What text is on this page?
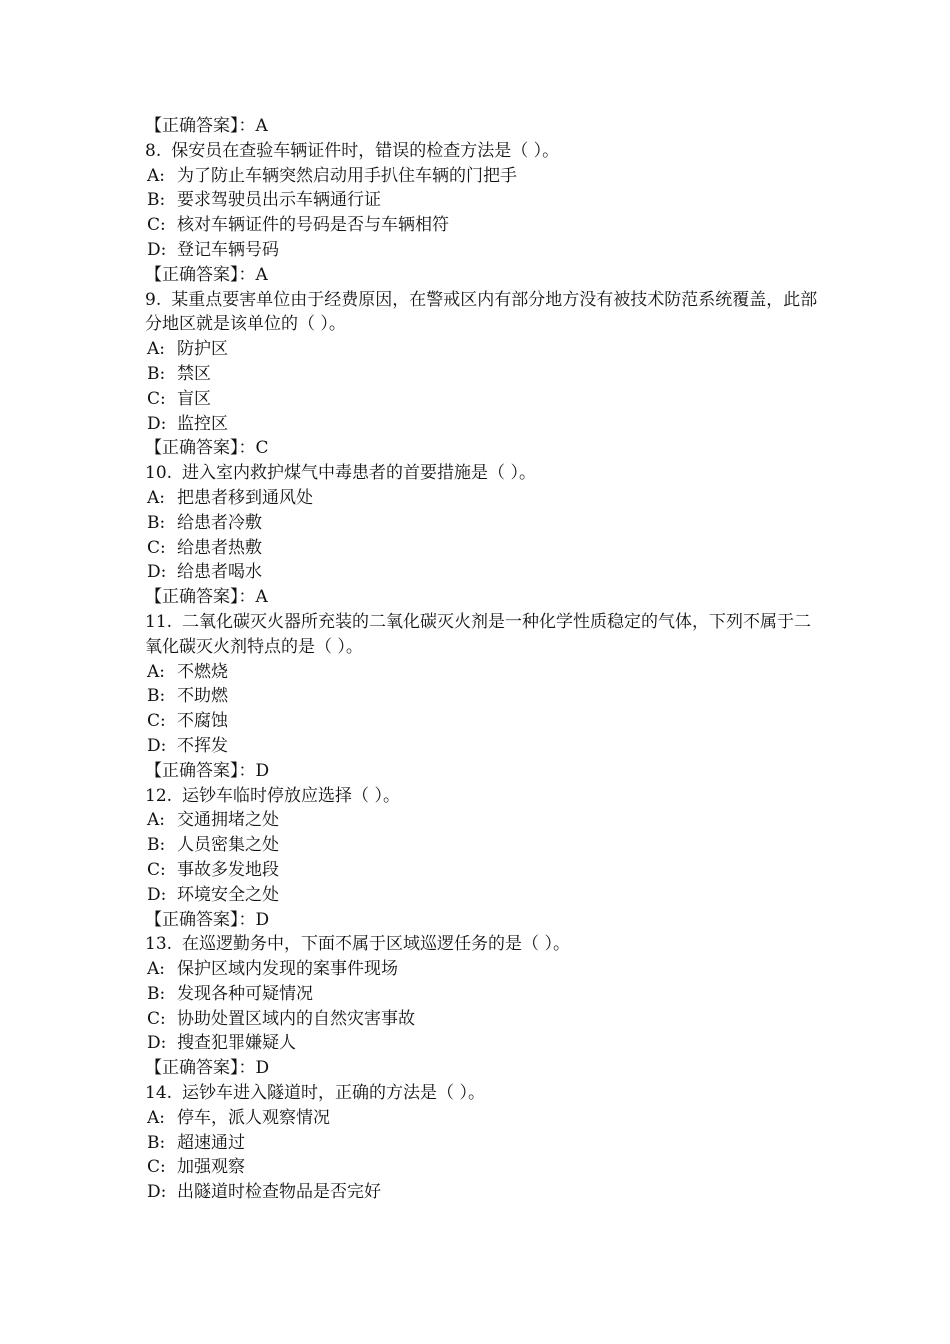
【正确答案】：A
8. 保安员在查验车辆证件时，错误的检查方法是（ ）。
A: 为了防止车辆突然启动用手扒住车辆的门把手
B: 要求驾驶员出示车辆通行证
C: 核对车辆证件的号码是否与车辆相符
D: 登记车辆号码
【正确答案】：A
9. 某重点要害单位由于经费原因，在警戒区内有部分地方没有被技术防范系统覆盖，此部分地区就是该单位的（ ）。
A: 防护区
B: 禁区
C: 盲区
D: 监控区
【正确答案】：C
10. 进入室内救护煤气中毒患者的首要措施是（ ）。
A: 把患者移到通风处
B: 给患者冷敷
C: 给患者热敷
D: 给患者喝水
【正确答案】：A
11. 二氧化碳灭火器所充装的二氧化碳灭火剂是一种化学性质稳定的气体，下列不属于二氧化碳灭火剂特点的是（ ）。
A: 不燃烧
B: 不助燃
C: 不腐蚀
D: 不挥发
【正确答案】：D
12. 运钞车临时停放应选择（ ）。
A: 交通拥堵之处
B: 人员密集之处
C: 事故多发地段
D: 环境安全之处
【正确答案】：D
13. 在巡逻勤务中，下面不属于区域巡逻任务的是（ ）。
A: 保护区域内发现的案事件现场
B: 发现各种可疑情况
C: 协助处置区域内的自然灾害事故
D: 搜查犯罪嫌疑人
【正确答案】：D
14. 运钞车进入隧道时，正确的方法是（ ）。
A: 停车，派人观察情况
B: 超速通过
C: 加强观察
D: 出隧道时检查物品是否完好
